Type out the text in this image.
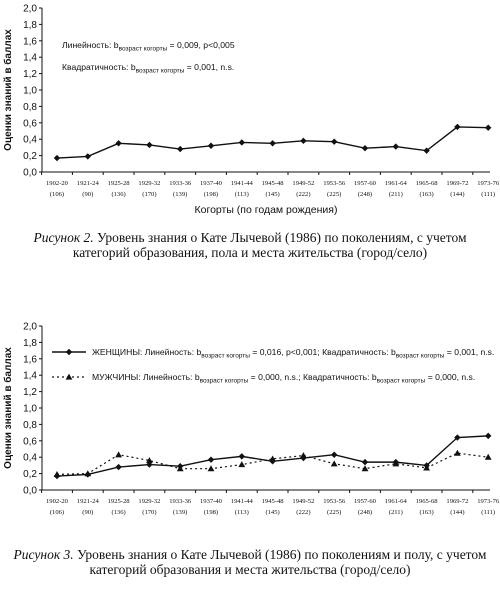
0,0
0,2
0,4
0,6
0,8
1,0
1,2
1,4
1,6
1,8
2,0
1902-20
(106)
1921-24
(90)
1925-28
(136)
1929-32
(170)
1933-36
(139)
1937-40
(198)
1941-44
(113)
1945-48
(145)
1949-52
(222)
1953-56
(225)
1957-60
(248)
1961-64
(211)
1965-68
(163)
1969-72
(144)
1973-76
(111)
Оценки знаний в баллах
Когорты (по годам рождения)
Линейность: $b_{возраст когорты} = 0,009$, p<0,005
Квадратичность: $b_{возраст когорты} = 0,001$, n.s.
Рисунок 2. Уровень знания о Кате Лычевой (1986) по поколениям, с учетом категорий образования, пола и места жительства (город/село)
0,0
0,2
0,4
0,6
0,8
1,0
1,2
1,4
1,6
1,8
2,0
1902-20
(106)
1921-24
(90)
1925-28
(136)
1929-32
(170)
1933-36
(139)
1937-40
(198)
1941-44
(113)
1945-48
(145)
1949-52
(222)
1953-56
(225)
1957-60
(248)
1961-64
(211)
1965-68
(163)
1969-72
(144)
1973-76
(111)
Оценки знаний в баллах	ЖЕНЩИНЫ: Линейность: $b_{возраст когорты} = 0,016$, p<0,001; Квадратичность: $b_{возраст когорты} = 0,001$, n.s.
МУЖЧИНЫ: Линейность: $b_{возраст когорты} = 0,000$, n.s.; Квадратичность: $b_{возраст когорты} = 0,000$, n.s.
Рисунок 3. Уровень знания о Кате Лычевой (1986) по поколениям и полу, с учетом категорий образования и места жительства (город/село)
